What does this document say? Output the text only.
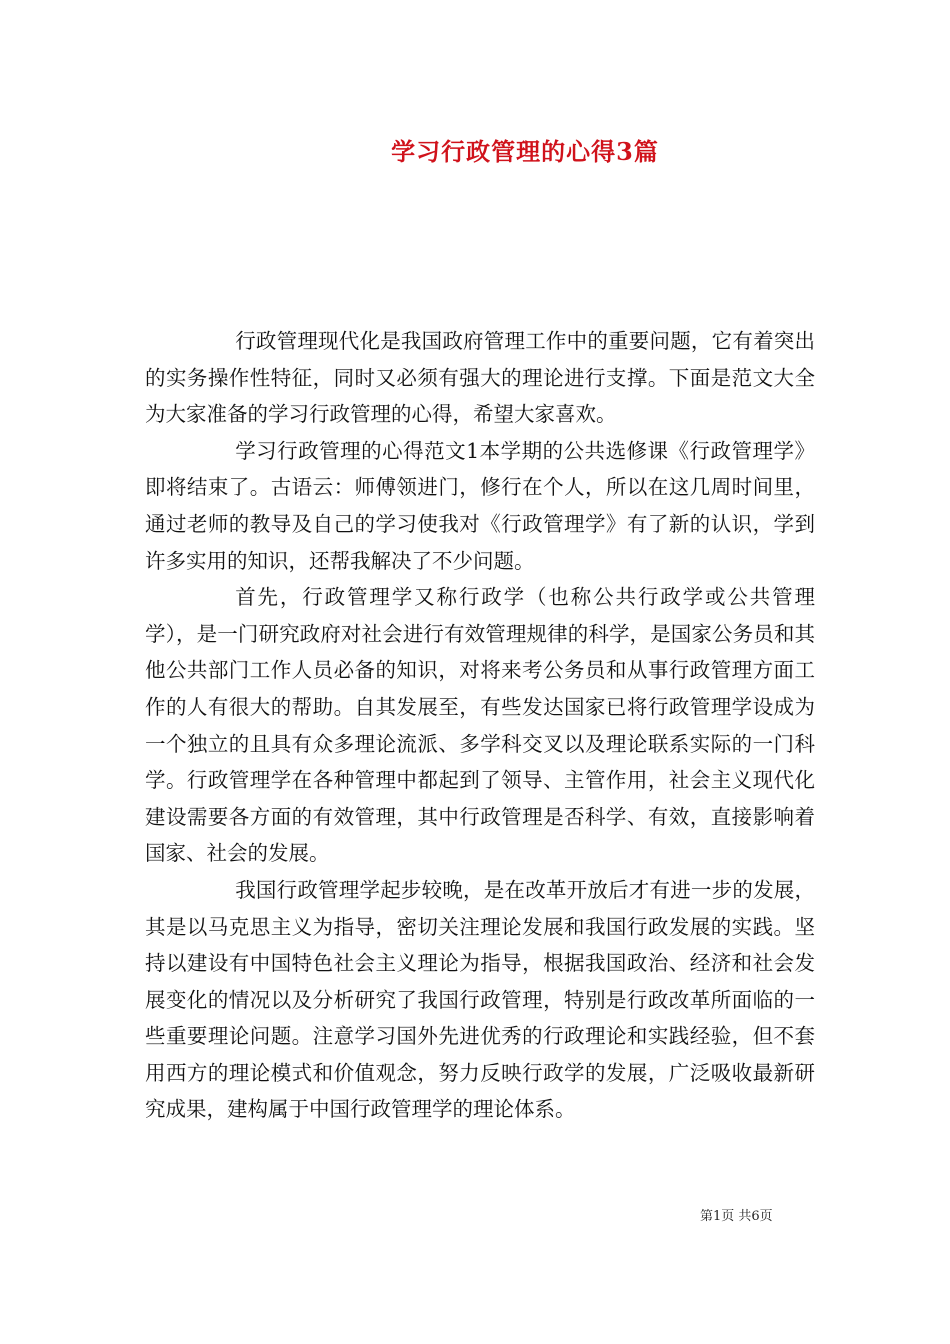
学习行政管理的心得3篇

行政管理现代化是我国政府管理工作中的重要问题，它有着突出的实务操作性特征，同时又必须有强大的理论进行支撑。下面是范文大全为大家准备的学习行政管理的心得，希望大家喜欢。

学习行政管理的心得范文1本学期的公共选修课《行政管理学》即将结束了。古语云：师傅领进门，修行在个人，所以在这几周时间里，通过老师的教导及自己的学习使我对《行政管理学》有了新的认识，学到许多实用的知识，还帮我解决了不少问题。

首先，行政管理学又称行政学（也称公共行政学或公共管理学），是一门研究政府对社会进行有效管理规律的科学，是国家公务员和其他公共部门工作人员必备的知识，对将来考公务员和从事行政管理方面工作的人有很大的帮助。自其发展至，有些发达国家已将行政管理学设成为一个独立的且具有众多理论流派、多学科交叉以及理论联系实际的一门科学。行政管理学在各种管理中都起到了领导、主管作用，社会主义现代化建设需要各方面的有效管理，其中行政管理是否科学、有效，直接影响着国家、社会的发展。

我国行政管理学起步较晚，是在改革开放后才有进一步的发展，其是以马克思主义为指导，密切关注理论发展和我国行政发展的实践。坚持以建设有中国特色社会主义理论为指导，根据我国政治、经济和社会发展变化的情况以及分析研究了我国行政管理，特别是行政改革所面临的一些重要理论问题。注意学习国外先进优秀的行政理论和实践经验，但不套用西方的理论模式和价值观念，努力反映行政学的发展，广泛吸收最新研究成果，建构属于中国行政管理学的理论体系。

第1页 共6页
